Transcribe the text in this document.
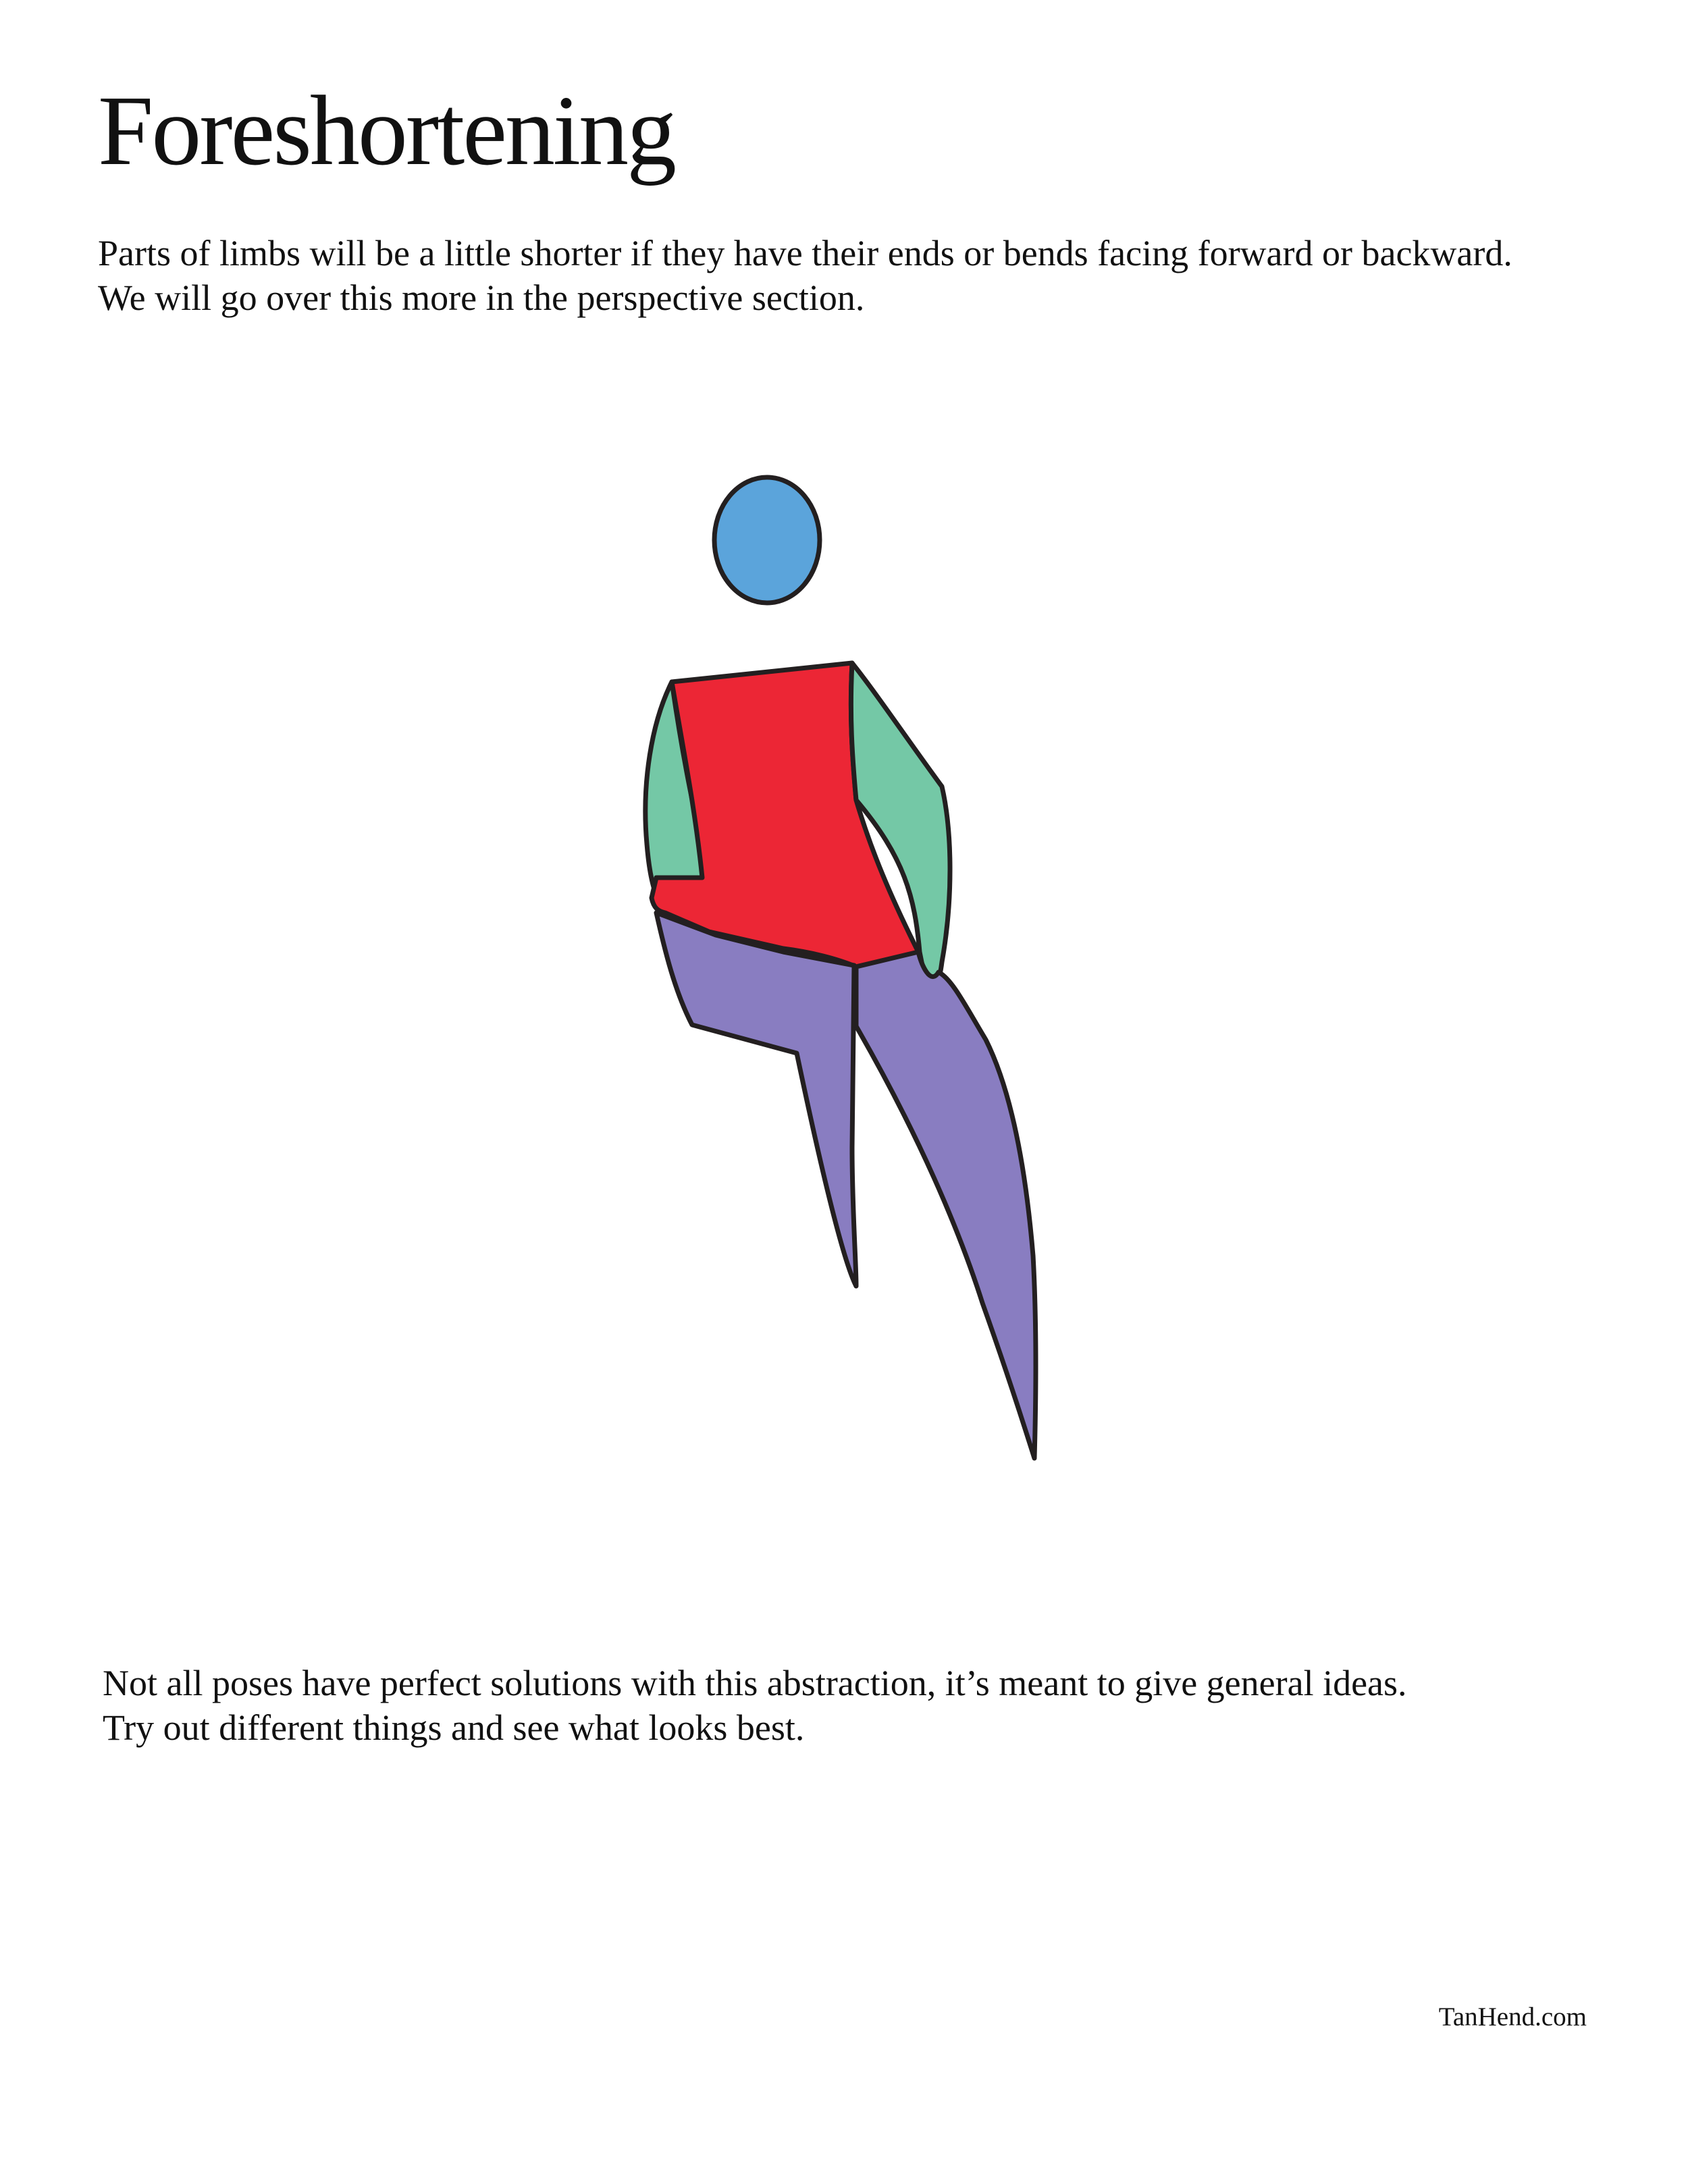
Foreshortening
Parts of limbs will be a little shorter if they have their ends or bends facing forward or backward.
We will go over this more in the perspective section.
Not all poses have perfect solutions with this abstraction, it’s meant to give general ideas.
Try out different things and see what looks best.

TanHend.com
